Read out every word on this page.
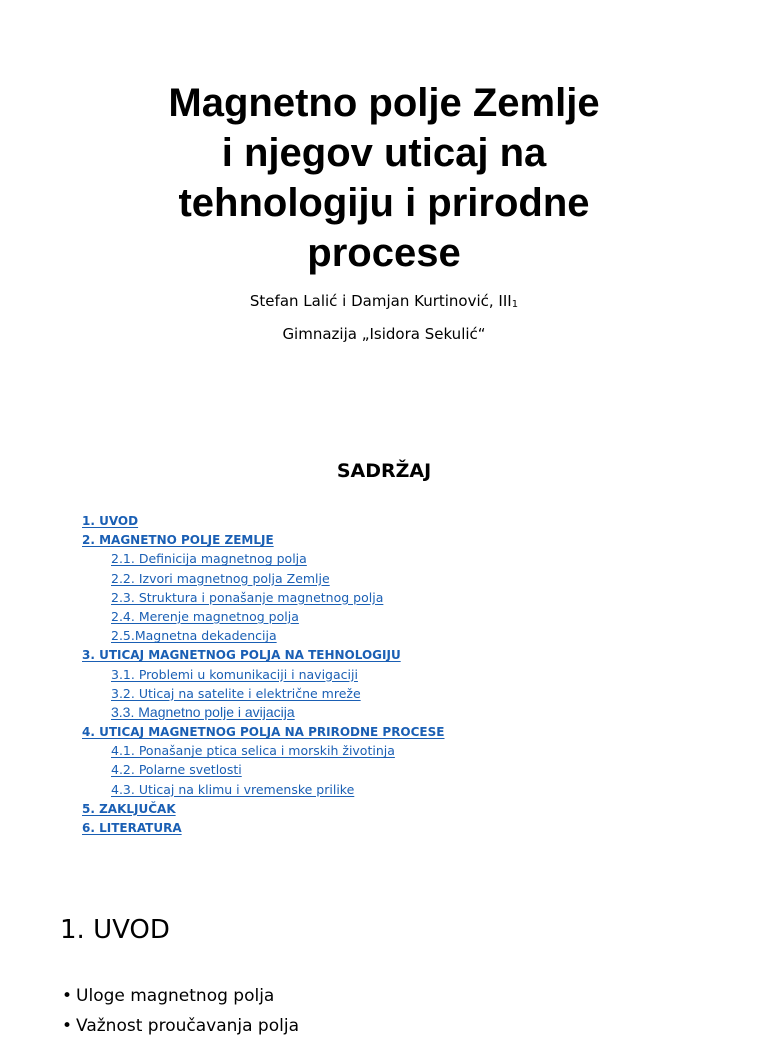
Magnetno polje Zemlje
i njegov uticaj na
tehnologiju i prirodne
procese
Stefan Lalić i Damjan Kurtinović, $III_1$
Gimnazija „Isidora Sekulić“
SADRŽAJ
1. UVOD
2. MAGNETNO POLJE ZEMLJE
2.1. Definicija magnetnog polja
2.2. Izvori magnetnog polja Zemlje
2.3. Struktura i ponašanje magnetnog polja
2.4. Merenje magnetnog polja
2.5.Magnetna dekadencija
3. UTICAJ MAGNETNOG POLJA NA TEHNOLOGIJU
3.1. Problemi u komunikaciji i navigaciji
3.2. Uticaj na satelite i električne mreže
3.3. Magnetno polje i avijacija
4. UTICAJ MAGNETNOG POLJA NA PRIRODNE PROCESE
4.1. Ponašanje ptica selica i morskih životinja
4.2. Polarne svetlosti
4.3. Uticaj na klimu i vremenske prilike
5. ZAKLJUČAK
6. LITERATURA
1. UVOD
• Uloge magnetnog polja
• Važnost proučavanja polja
